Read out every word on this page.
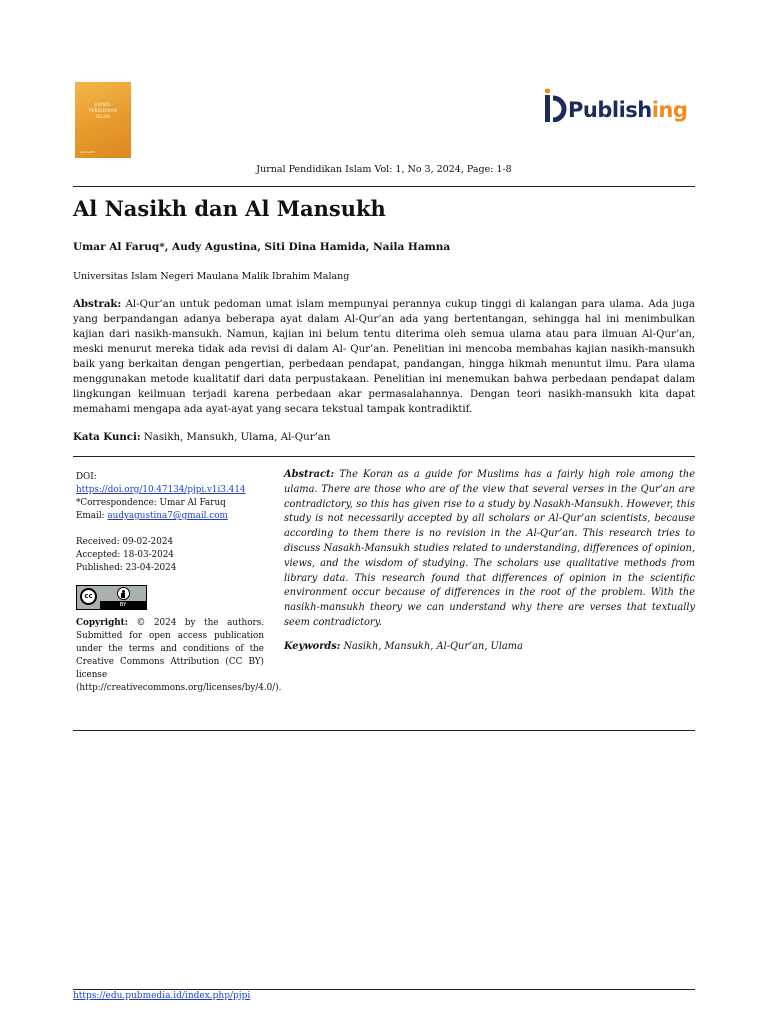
JURNAL
PENDIDIKAN
ISLAM
pubmedia
Publishing
Jurnal Pendidikan Islam Vol: 1, No 3, 2024, Page: 1-8
Al Nasikh dan Al Mansukh
Umar Al Faruq*, Audy Agustina, Siti Dina Hamida, Naila Hamna
Universitas Islam Negeri Maulana Malik Ibrahim Malang

Abstrak: Al-Qur’an untuk pedoman umat islam mempunyai perannya cukup tinggi di kalangan para ulama. Ada juga yang berpandangan adanya beberapa ayat dalam Al-Qur’an ada yang bertentangan, sehingga hal ini menimbulkan kajian dari nasikh-mansukh. Namun, kajian ini belum tentu diterima oleh semua ulama atau para ilmuan Al-Qur’an, meski menurut mereka tidak ada revisi di dalam Al- Qur’an. Penelitian ini mencoba membahas kajian nasikh-mansukh baik yang berkaitan dengan pengertian, perbedaan pendapat, pandangan, hingga hikmah menuntut ilmu. Para ulama menggunakan metode kualitatif dari data perpustakaan. Penelitian ini menemukan bahwa perbedaan pendapat dalam lingkungan keilmuan terjadi karena perbedaan akar permasalahannya. Dengan teori nasikh-mansukh kita dapat memahami mengapa ada ayat-ayat yang secara tekstual tampak kontradiktif.

Kata Kunci: Nasikh, Mansukh, Ulama, Al-Qur’an
DOI:
https://doi.org/10.47134/pjpi.v1i3.414
*Correspondence: Umar Al Faruq
Email: audyagustina7@gmail.com
Received: 09-02-2024
Accepted: 18-03-2024
Published: 23-04-2024
cc
BY
Copyright: © 2024 by the authors. Submitted for open access publication under the terms and conditions of the Creative Commons Attribution (CC BY) license (http://creativecommons.org/licenses/by/4.0/).

Abstract: The Koran as a guide for Muslims has a fairly high role among the ulama. There are those who are of the view that several verses in the Qur’an are contradictory, so this has given rise to a study by Nasakh-Mansukh. However, this study is not necessarily accepted by all scholars or Al-Qur’an scientists, because according to them there is no revision in the Al-Qur’an. This research tries to discuss Nasakh-Mansukh studies related to understanding, differences of opinion, views, and the wisdom of studying. The scholars use qualitative methods from library data. This research found that differences of opinion in the scientific environment occur because of differences in the root of the problem. With the nasikh-mansukh theory we can understand why there are verses that textually seem contradictory.

Keywords: Nasikh, Mansukh, Al-Qur’an, Ulama

https://edu.pubmedia.id/index.php/pjpi
